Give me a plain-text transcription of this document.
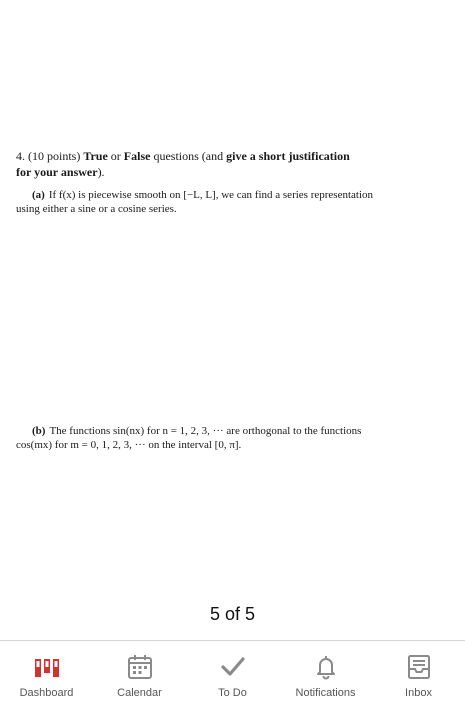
4. (10 points) True or False questions (and give a short justification
for your answer).
(a) If f(x) is piecewise smooth on [−L, L], we can find a series representation
using either a sine or a cosine series.
(b) The functions sin(nx) for n = 1, 2, 3, ··· are orthogonal to the functions
cos(mx) for m = 0, 1, 2, 3, ··· on the interval [0, π].
5 of 5
Dashboard	Calendar	To Do	Notifications	Inbox
